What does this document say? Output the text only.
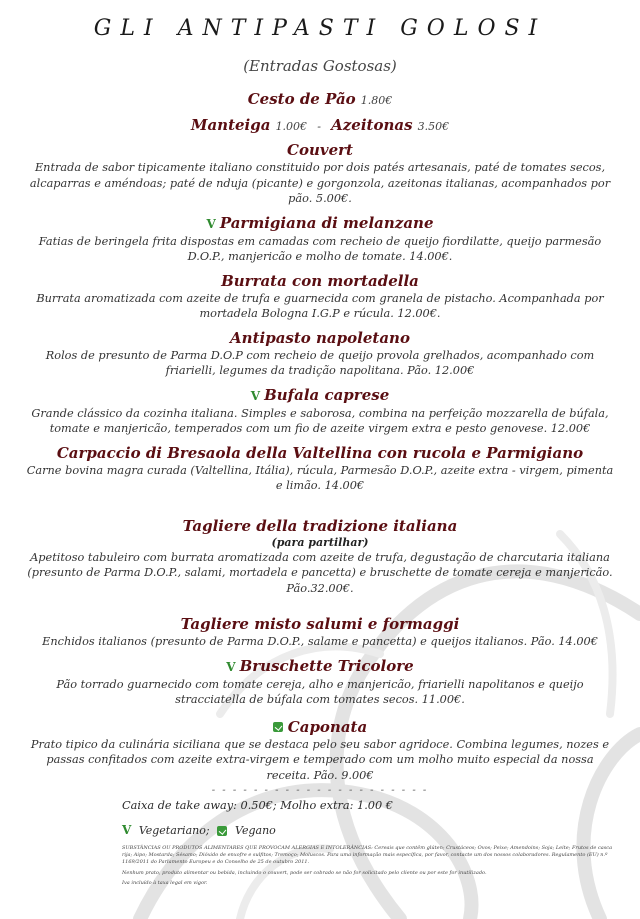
GLI ANTIPASTI GOLOSI
(Entradas Gostosas)
Cesto de Pão 1.80€
Manteiga 1.00€ - Azeitonas 3.50€
Couvert
Entrada de sabor tipicamente italiano constituido por dois patés artesanais, paté de tomates secos, alcaparras e améndoas; paté de nduja (picante) e gorgonzola, azeitonas italianas, acompanhados por pão. 5.00€.
V Parmigiana di melanzane
Fatias de beringela frita dispostas em camadas com recheio de queijo fiordilatte, queijo parmesão D.O.P., manjericão e molho de tomate. 14.00€.
Burrata con mortadella
Burrata aromatizada com azeite de trufa e guarnecida com granela de pistacho. Acompanhada por mortadela Bologna I.G.P e rúcula. 12.00€.
Antipasto napoletano
Rolos de presunto de Parma D.O.P com recheio de queijo provola grelhados, acompanhado com friarielli, legumes da tradição napolitana. Pão. 12.00€
V Bufala caprese
Grande clássico da cozinha italiana. Simples e saborosa, combina na perfeição mozzarella de búfala, tomate e manjericão, temperados com um fio de azeite virgem extra e pesto genovese. 12.00€
Carpaccio di Bresaola della Valtellina con rucola e Parmigiano
Carne bovina magra curada (Valtellina, Itália), rúcula, Parmesão D.O.P., azeite extra - virgem, pimenta e limão. 14.00€
Tagliere della tradizione italiana
(para partilhar)
Apetitoso tabuleiro com burrata aromatizada com azeite de trufa, degustação de charcutaria italiana (presunto de Parma D.O.P., salami, mortadela e pancetta) e bruschette de tomate cereja e manjericão. Pão.32.00€.
Tagliere misto salumi e formaggi
Enchidos italianos (presunto de Parma D.O.P., salame e pancetta) e queijos italianos. Pão. 14.00€
V Bruschette Tricolore
Pão torrado guarnecido com tomate cereja, alho e manjericão, friarielli napolitanos e queijo stracciatella de búfala com tomates secos. 11.00€.
Caponata
Prato tipico da culinária siciliana que se destaca pelo seu sabor agridoce. Combina legumes, nozes e passas confitados com azeite extra-virgem e temperado com um molho muito especial da nossa receita. Pão. 9.00€
- - - - - - - - - - - - - - - - - - - - -
Caixa de take away: 0.50€; Molho extra: 1.00 €
V Vegetariano; Vegano
SUBSTÂNCIAS OU PRODUTOS ALIMENTARES QUE PROVOCAM ALERGIAS E INTOLERÂNCIAS: Cereais que contêm glúten; Crustáceos; Ovos; Peixe; Amendoins; Soja; Leite; Frutos de casca rija; Aipo; Mostarda; Sésamo; Dióxido de enxofre e sulfitos; Tremoço; Moluscos. Para uma informação mais específica, por favor, contacte um dos nossos colaboradores. Regulamento (EU) n.º 1169/2011 do Parlamento Europeu e do Conselho de 25 de outubro 2011.
Nenhum prato, produto alimentar ou bebida, incluindo o couvert, pode ser cobrado se não for solicitado pelo cliente ou por este for inutilizado.
Iva incluído à taxa legal em vigor.
